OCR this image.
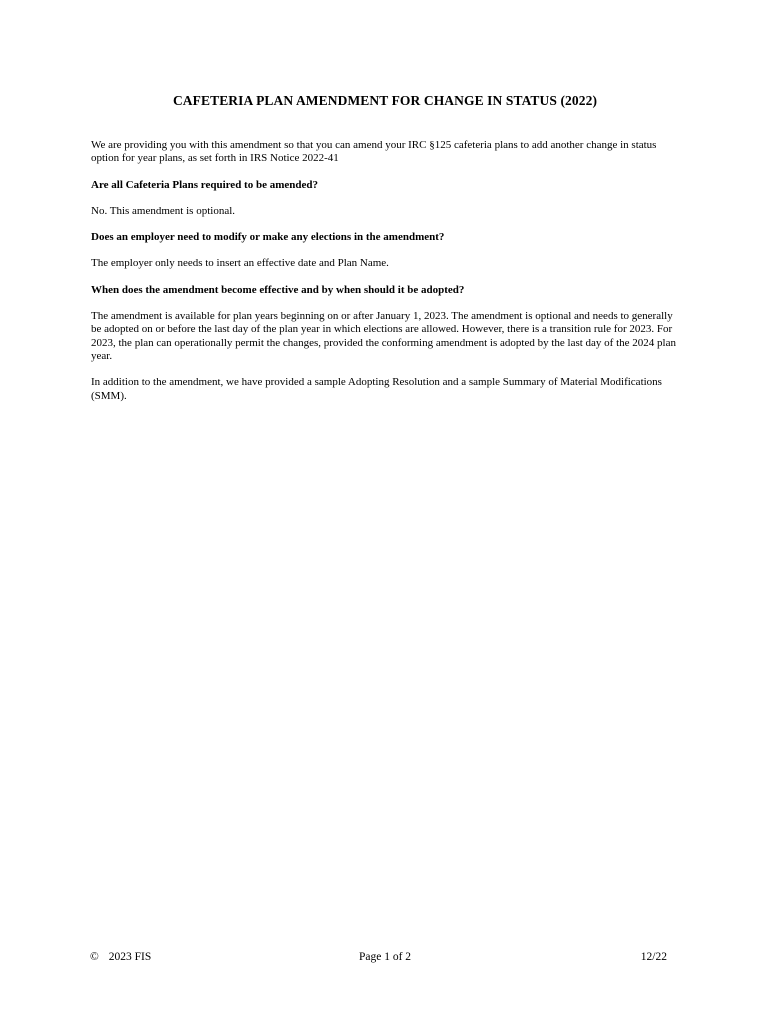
CAFETERIA PLAN AMENDMENT FOR CHANGE IN STATUS (2022)

We are providing you with this amendment so that you can amend your IRC §125 cafeteria plans to add another change in status option for year plans, as set forth in IRS Notice 2022-41

Are all Cafeteria Plans required to be amended?

No. This amendment is optional.

Does an employer need to modify or make any elections in the amendment?

The employer only needs to insert an effective date and Plan Name.

When does the amendment become effective and by when should it be adopted?

The amendment is available for plan years beginning on or after January 1, 2023. The amendment is optional and needs to generally be adopted on or before the last day of the plan year in which elections are allowed. However, there is a transition rule for 2023. For 2023, the plan can operationally permit the changes, provided the conforming amendment is adopted by the last day of the 2024 plan year.

In addition to the amendment, we have provided a sample Adopting Resolution and a sample Summary of Material Modifications (SMM).

© 2023 FIS	Page 1 of 2	12/22
